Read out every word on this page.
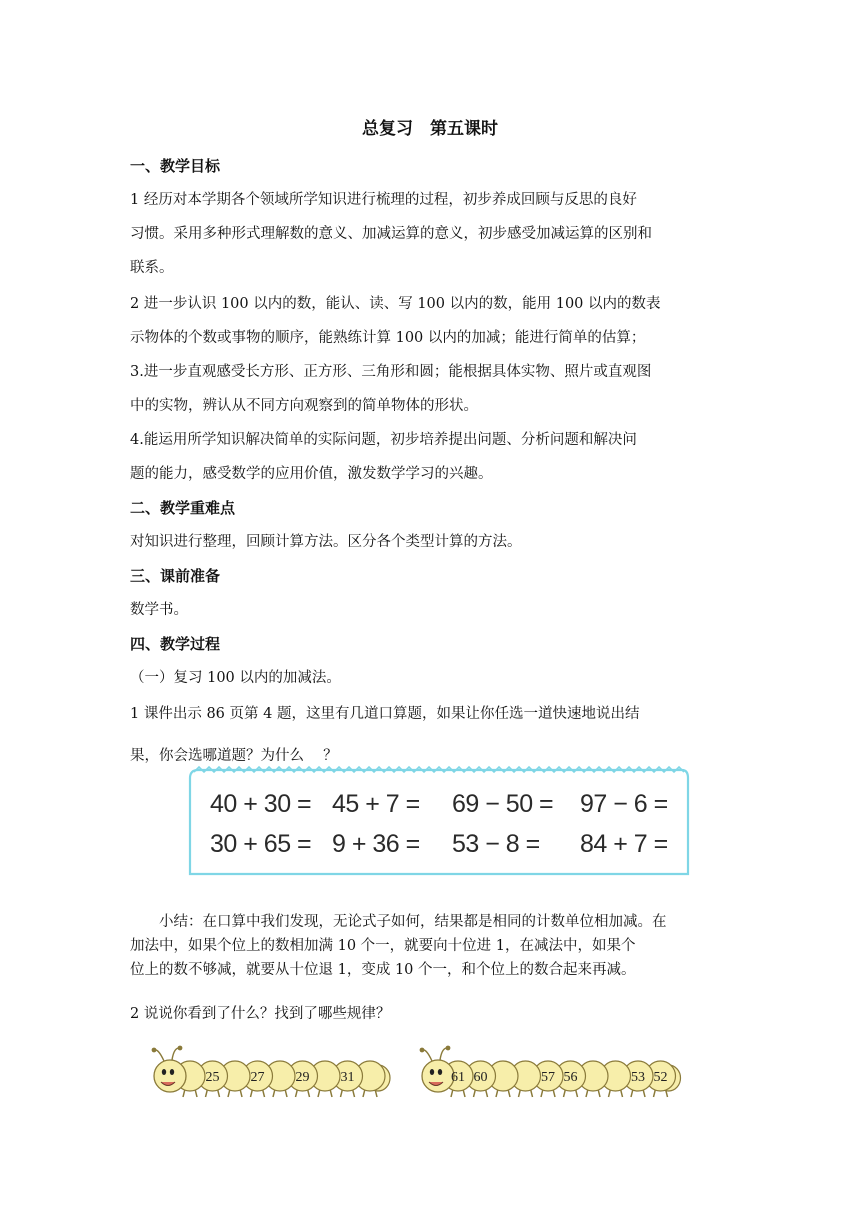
总复习　第五课时
一、教学目标
1 经历对本学期各个领域所学知识进行梳理的过程，初步养成回顾与反思的良好
习惯。采用多种形式理解数的意义、加减运算的意义，初步感受加减运算的区别和
联系。
2 进一步认识 100 以内的数，能认、读、写 100 以内的数，能用 100 以内的数表
示物体的个数或事物的顺序，能熟练计算 100 以内的加减；能进行简单的估算；
3.进一步直观感受长方形、正方形、三角形和圆；能根据具体实物、照片或直观图
中的实物，辨认从不同方向观察到的简单物体的形状。
4.能运用所学知识解决简单的实际问题，初步培养提出问题、分析问题和解决问
题的能力，感受数学的应用价值，激发数学学习的兴趣。
二、教学重难点
对知识进行整理，回顾计算方法。区分各个类型计算的方法。
三、课前准备
数学书。
四、教学过程
（一）复习 100 以内的加减法。
1 课件出示 86 页第 4 题，这里有几道口算题，如果让你任选一道快速地说出结
果，你会选哪道题？为什么　 ？
40 + 30 = 45 + 7 = 69 − 50 = 97 − 6 =
30 + 65 = 9 + 36 = 53 − 8 = 84 + 7 =
　　小结：在口算中我们发现，无论式子如何，结果都是相同的计数单位相加减。在
加法中，如果个位上的数相加满 10 个一，就要向十位进 1，在减法中，如果个
位上的数不够减，就要从十位退 1，变成 10 个一，和个位上的数合起来再减。
2 说说你看到了什么？找到了哪些规律？
25 27 29 31	61 60	57 56	53 52
